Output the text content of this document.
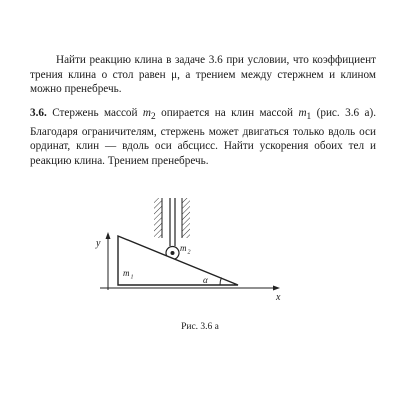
Найти реакцию клина в задаче 3.6 при условии, что коэффициент трения клина о стол равен μ, а трением между стержнем и клином можно пренебречь.

3.6. Стержень массой $m_2$ опирается на клин массой $m_1$ (рис. 3.6 а). Благодаря ограничителям, стержень может двигаться только вдоль оси ординат, клин — вдоль оси абсцисс. Найти ускорения обоих тел и реакцию клина. Трением пренебречь.

y
x
m 1
m 2
α
Рис. 3.6 а
